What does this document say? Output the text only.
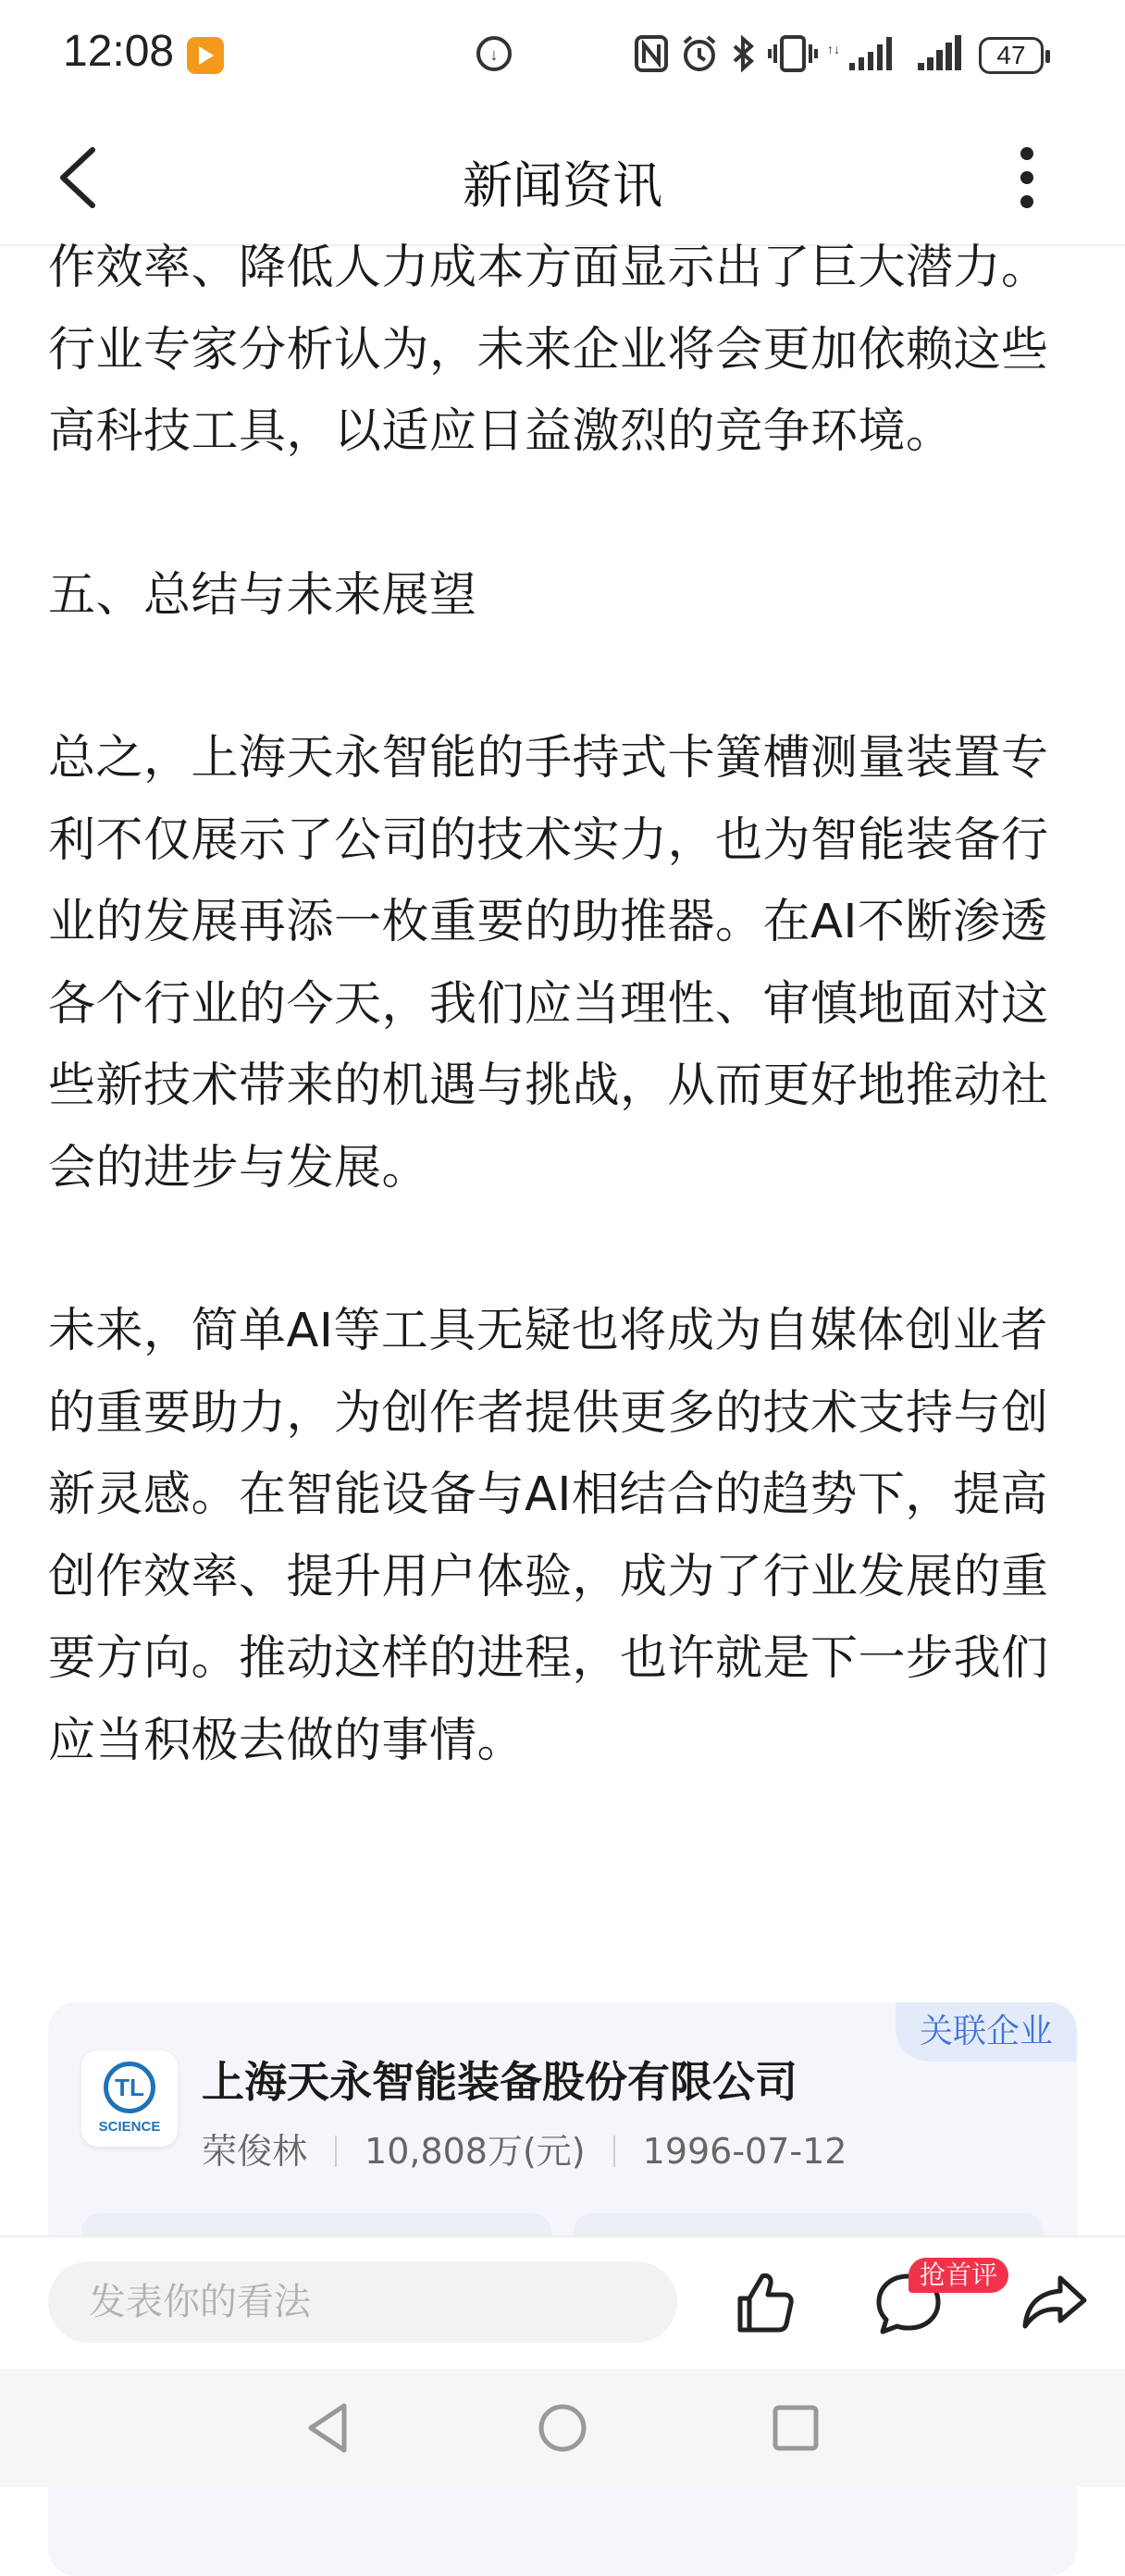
12:08	↓	↑↓	47
新闻资讯

作效率、降低人力成本方面显示出了巨大潜力。行业专家分析认为，未来企业将会更加依赖这些高科技工具，以适应日益激烈的竞争环境。

五、总结与未来展望

总之，上海天永智能的手持式卡簧槽测量装置专利不仅展示了公司的技术实力，也为智能装备行业的发展再添一枚重要的助推器。在AI不断渗透各个行业的今天，我们应当理性、审慎地面对这些新技术带来的机遇与挑战，从而更好地推动社会的进步与发展。

未来，简单AI等工具无疑也将成为自媒体创业者的重要助力，为创作者提供更多的技术支持与创新灵感。在智能设备与AI相结合的趋势下，提高创作效率、提升用户体验，成为了行业发展的重要方向。推动这样的进程，也许就是下一步我们应当积极去做的事情。

关联企业
TL
SCIENCE
上海天永智能装备股份有限公司
荣俊林 10,808万(元) 1996-07-12
发表你的看法
抢首评
